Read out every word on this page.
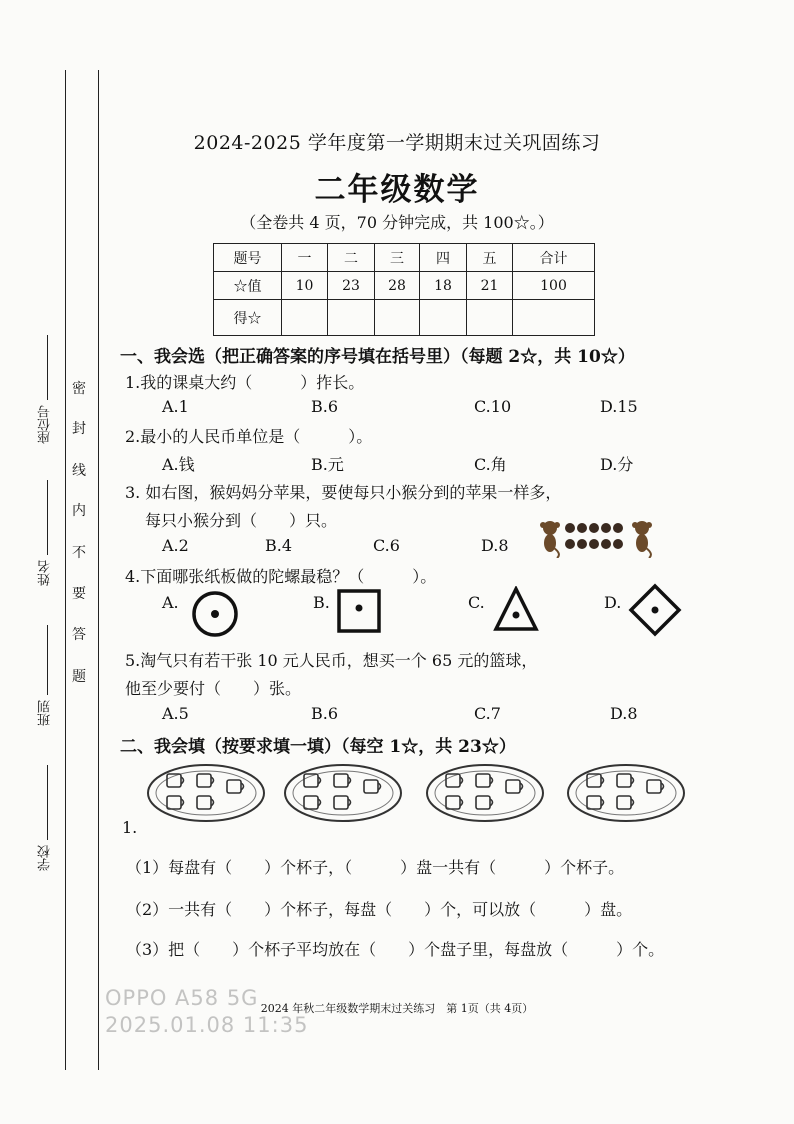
密
封
线
内
不
要
答
题
座位号
姓名
班别
学校
2024-2025 学年度第一学期期末过关巩固练习
二年级数学
（全卷共 4 页，70 分钟完成，共 100☆。）
题号	一	二	三	四	五	合计
☆值	10	23	28	18	21	100
得☆						
一、我会选（把正确答案的序号填在括号里）（每题 2☆，共 10☆）
1.我的课桌大约（　　　）拃长。
A.1	B.6	C.10	D.15
2.最小的人民币单位是（　　　）。
A.钱	B.元	C.角	D.分
3. 如右图，猴妈妈分苹果，要使每只小猴分到的苹果一样多，
每只小猴分到（　　）只。
A.2	B.4	C.6	D.8
4.下面哪张纸板做的陀螺最稳？（　　　）。
A.	B.	C.	D.
5.淘气只有若干张 10 元人民币，想买一个 65 元的篮球，
他至少要付（　　）张。
A.5	B.6	C.7	D.8
二、我会填（按要求填一填）（每空 1☆，共 23☆）
1.
（1）每盘有（　　）个杯子，（　　　）盘一共有（　　　）个杯子。
（2）一共有（　　）个杯子，每盘（　　）个，可以放（　　　）盘。
（3）把（　　）个杯子平均放在（　　）个盘子里，每盘放（　　　）个。
2024 年秋二年级数学期末过关练习　第 1页（共 4页）
OPPO A58 5G
2025.01.08 11:35
